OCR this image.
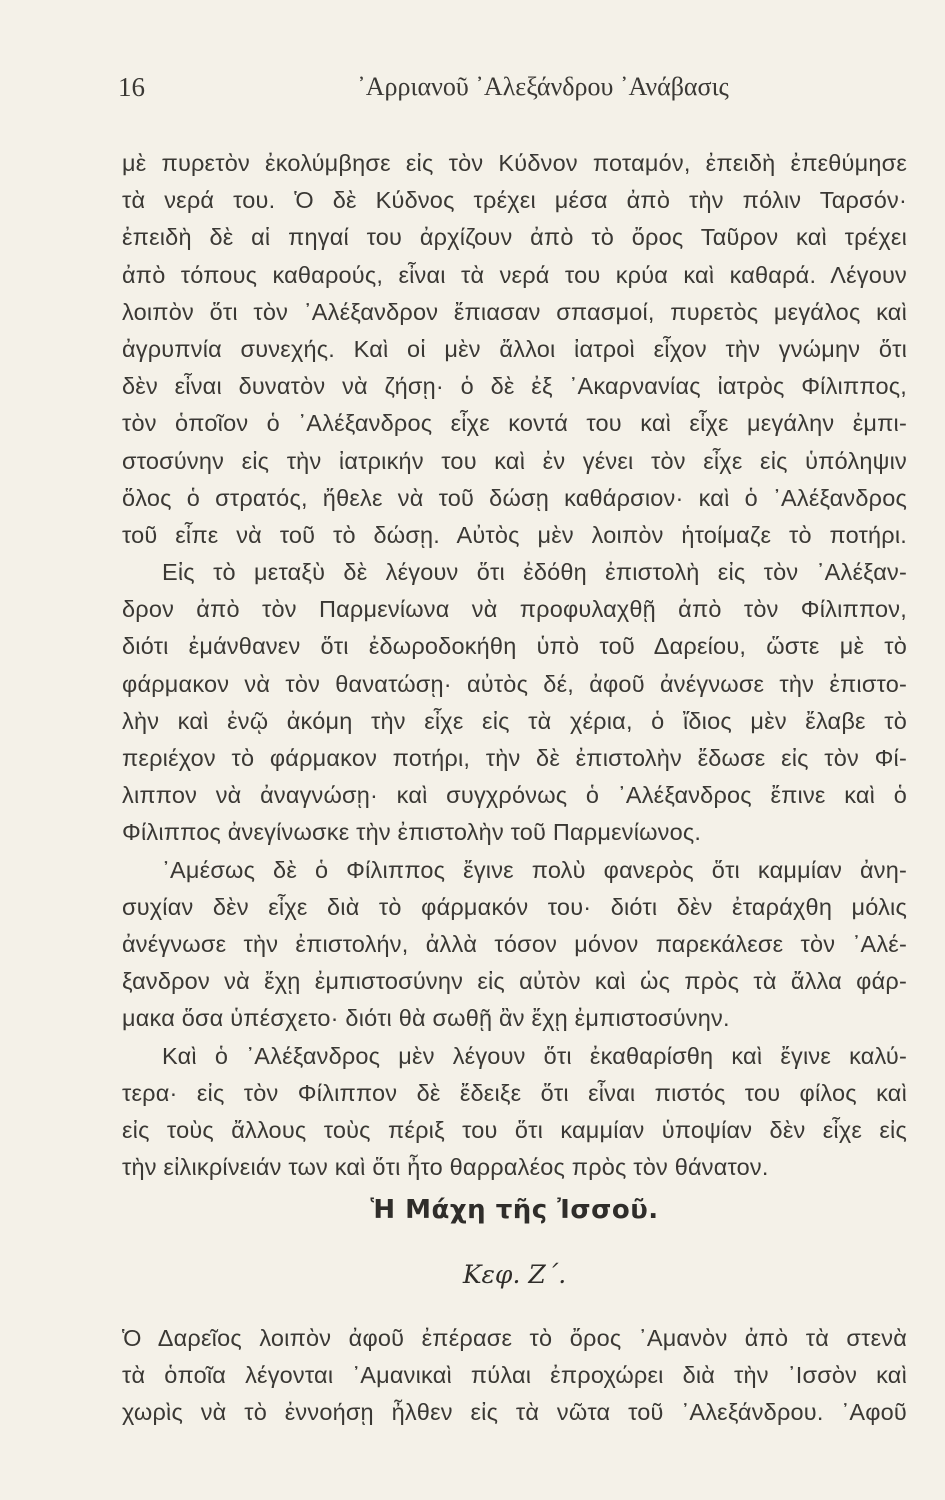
16	᾿Αρριανοῦ ᾿Αλεξάνδρου ᾿Ανάβασις
μὲ πυρετὸν ἐκολύμβησε εἰς τὸν Κύδνον ποταμόν, ἐπειδὴ ἐπεθύμησε
τὰ νερά του. Ὁ δὲ Κύδνος τρέχει μέσα ἀπὸ τὴν πόλιν Ταρσόν·
ἐπειδὴ δὲ αἱ πηγαί του ἀρχίζουν ἀπὸ τὸ ὄρος Ταῦρον καὶ τρέχει
ἀπὸ τόπους καθαρούς, εἶναι τὰ νερά του κρύα καὶ καθαρά. Λέγουν
λοιπὸν ὅτι τὸν ᾿Αλέξανδρον ἔπιασαν σπασμοί, πυρετὸς μεγάλος καὶ
ἀγρυπνία συνεχής. Καὶ οἱ μὲν ἄλλοι ἰατροὶ εἶχον τὴν γνώμην ὅτι
δὲν εἶναι δυνατὸν νὰ ζήσῃ· ὁ δὲ ἐξ ᾿Ακαρνανίας ἰατρὸς Φίλιππος,
τὸν ὁποῖον ὁ ᾿Αλέξανδρος εἶχε κοντά του καὶ εἶχε μεγάλην ἐμπι-
στοσύνην εἰς τὴν ἰατρικήν του καὶ ἐν γένει τὸν εἶχε εἰς ὑπόληψιν
ὅλος ὁ στρατός, ἤθελε νὰ τοῦ δώσῃ καθάρσιον· καὶ ὁ ᾿Αλέξανδρος
τοῦ εἶπε νὰ τοῦ τὸ δώσῃ. Αὐτὸς μὲν λοιπὸν ἡτοίμαζε τὸ ποτήρι.
Εἰς τὸ μεταξὺ δὲ λέγουν ὅτι ἐδόθη ἐπιστολὴ εἰς τὸν ᾿Αλέξαν-
δρον ἀπὸ τὸν Παρμενίωνα νὰ προφυλαχθῇ ἀπὸ τὸν Φίλιππον,
διότι ἐμάνθανεν ὅτι ἐδωροδοκήθη ὑπὸ τοῦ Δαρείου, ὥστε μὲ τὸ
φάρμακον νὰ τὸν θανατώσῃ· αὐτὸς δέ, ἀφοῦ ἀνέγνωσε τὴν ἐπιστο-
λὴν καὶ ἐνῷ ἀκόμη τὴν εἶχε εἰς τὰ χέρια, ὁ ἴδιος μὲν ἔλαβε τὸ
περιέχον τὸ φάρμακον ποτήρι, τὴν δὲ ἐπιστολὴν ἔδωσε εἰς τὸν Φί-
λιππον νὰ ἀναγνώσῃ· καὶ συγχρόνως ὁ ᾿Αλέξανδρος ἔπινε καὶ ὁ
Φίλιππος ἀνεγίνωσκε τὴν ἐπιστολὴν τοῦ Παρμενίωνος.
᾿Αμέσως δὲ ὁ Φίλιππος ἔγινε πολὺ φανερὸς ὅτι καμμίαν ἀνη-
συχίαν δὲν εἶχε διὰ τὸ φάρμακόν του· διότι δὲν ἐταράχθη μόλις
ἀνέγνωσε τὴν ἐπιστολήν, ἀλλὰ τόσον μόνον παρεκάλεσε τὸν ᾿Αλέ-
ξανδρον νὰ ἔχῃ ἐμπιστοσύνην εἰς αὐτὸν καὶ ὡς πρὸς τὰ ἄλλα φάρ-
μακα ὅσα ὑπέσχετο· διότι θὰ σωθῇ ἂν ἔχῃ ἐμπιστοσύνην.
Καὶ ὁ ᾿Αλέξανδρος μὲν λέγουν ὅτι ἐκαθαρίσθη καὶ ἔγινε καλύ-
τερα· εἰς τὸν Φίλιππον δὲ ἔδειξε ὅτι εἶναι πιστός του φίλος καὶ
εἰς τοὺς ἄλλους τοὺς πέριξ του ὅτι καμμίαν ὑποψίαν δὲν εἶχε εἰς
τὴν εἰλικρίνειάν των καὶ ὅτι ἦτο θαρραλέος πρὸς τὸν θάνατον.
Ἡ Μάχη τῆς Ἰσσοῦ.
Κεφ. Ζ΄.
Ὁ Δαρεῖος λοιπὸν ἀφοῦ ἐπέρασε τὸ ὄρος ᾿Αμανὸν ἀπὸ τὰ στενὰ
τὰ ὁποῖα λέγονται ᾿Αμανικαὶ πύλαι ἐπροχώρει διὰ τὴν ᾿Ισσὸν καὶ
χωρὶς νὰ τὸ ἐννοήσῃ ἦλθεν εἰς τὰ νῶτα τοῦ ᾿Αλεξάνδρου. ᾿Αφοῦ
